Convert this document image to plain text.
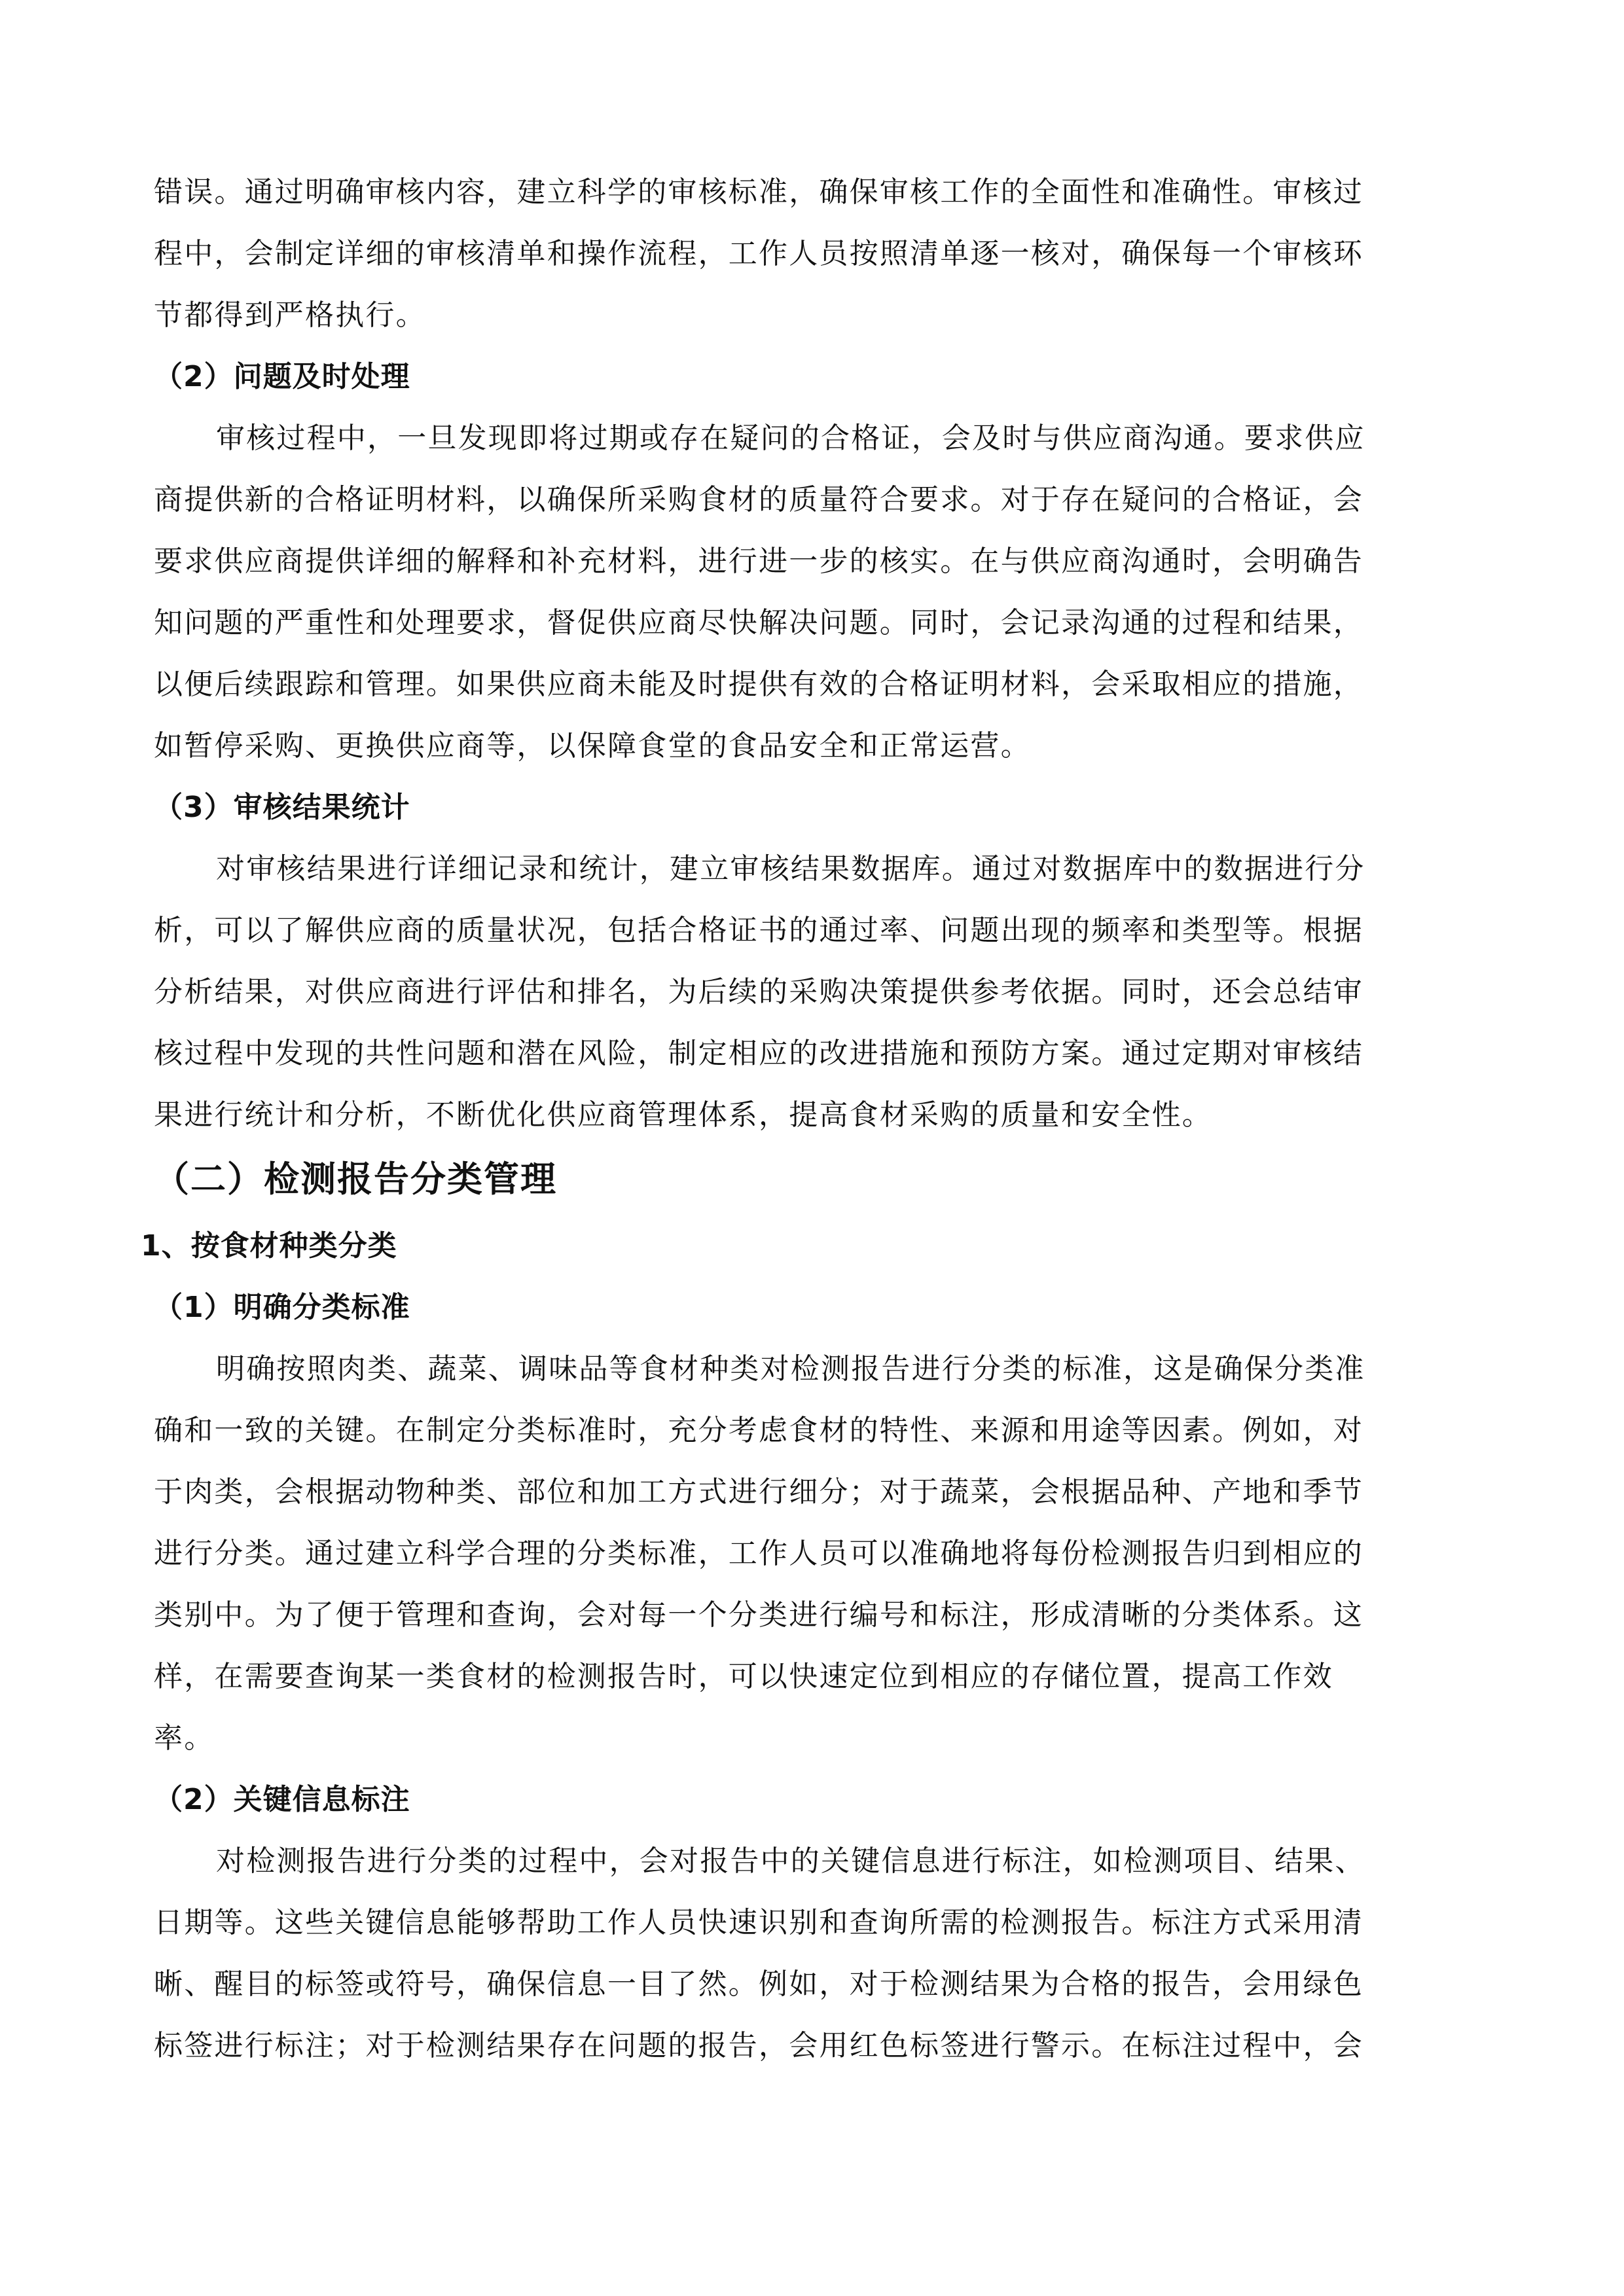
错误。通过明确审核内容，建立科学的审核标准，确保审核工作的全面性和准确性。审核过
程中，会制定详细的审核清单和操作流程，工作人员按照清单逐一核对，确保每一个审核环
节都得到严格执行。
（2）问题及时处理
审核过程中，一旦发现即将过期或存在疑问的合格证，会及时与供应商沟通。要求供应
商提供新的合格证明材料，以确保所采购食材的质量符合要求。对于存在疑问的合格证，会
要求供应商提供详细的解释和补充材料，进行进一步的核实。在与供应商沟通时，会明确告
知问题的严重性和处理要求，督促供应商尽快解决问题。同时，会记录沟通的过程和结果，
以便后续跟踪和管理。如果供应商未能及时提供有效的合格证明材料，会采取相应的措施，
如暂停采购、更换供应商等，以保障食堂的食品安全和正常运营。
（3）审核结果统计
对审核结果进行详细记录和统计，建立审核结果数据库。通过对数据库中的数据进行分
析，可以了解供应商的质量状况，包括合格证书的通过率、问题出现的频率和类型等。根据
分析结果，对供应商进行评估和排名，为后续的采购决策提供参考依据。同时，还会总结审
核过程中发现的共性问题和潜在风险，制定相应的改进措施和预防方案。通过定期对审核结
果进行统计和分析，不断优化供应商管理体系，提高食材采购的质量和安全性。
（二）检测报告分类管理
1、按食材种类分类
（1）明确分类标准
明确按照肉类、蔬菜、调味品等食材种类对检测报告进行分类的标准，这是确保分类准
确和一致的关键。在制定分类标准时，充分考虑食材的特性、来源和用途等因素。例如，对
于肉类，会根据动物种类、部位和加工方式进行细分；对于蔬菜，会根据品种、产地和季节
进行分类。通过建立科学合理的分类标准，工作人员可以准确地将每份检测报告归到相应的
类别中。为了便于管理和查询，会对每一个分类进行编号和标注，形成清晰的分类体系。这
样，在需要查询某一类食材的检测报告时，可以快速定位到相应的存储位置，提高工作效
率。
（2）关键信息标注
对检测报告进行分类的过程中，会对报告中的关键信息进行标注，如检测项目、结果、
日期等。这些关键信息能够帮助工作人员快速识别和查询所需的检测报告。标注方式采用清
晰、醒目的标签或符号，确保信息一目了然。例如，对于检测结果为合格的报告，会用绿色
标签进行标注；对于检测结果存在问题的报告，会用红色标签进行警示。在标注过程中，会
